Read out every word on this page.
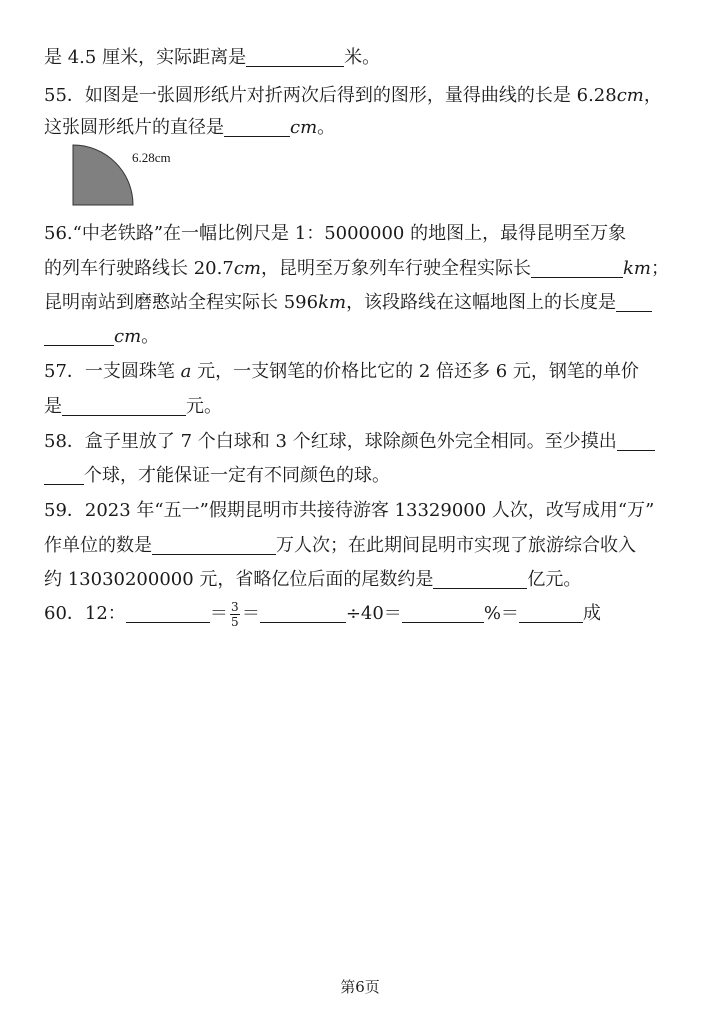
是 4.5 厘米，实际距离是	米。
55．如图是一张圆形纸片对折两次后得到的图形，量得曲线的长是 6.28cm，
这张圆形纸片的直径是	cm。
6.28cm
56.“中老铁路”在一幅比例尺是 1：5000000 的地图上，最得昆明至万象
的列车行驶路线长 20.7cm，昆明至万象列车行驶全程实际长	km；
昆明南站到磨憨站全程实际长 596km，该段路线在这幅地图上的长度是
cm。
57．一支圆珠笔 a 元，一支钢笔的价格比它的 2 倍还多 6 元，钢笔的单价
是	元。
58．盒子里放了 7 个白球和 3 个红球，球除颜色外完全相同。至少摸出
个球，才能保证一定有不同颜色的球。
59．2023 年“五一”假期昆明市共接待游客 13329000 人次，改写成用“万”
作单位的数是	万人次；在此期间昆明市实现了旅游综合收入
约 13030200000 元，省略亿位后面的尾数约是	亿元。
60．12：	＝ $\frac{3}{5}$ ＝	÷40＝	%＝	成
第6页
